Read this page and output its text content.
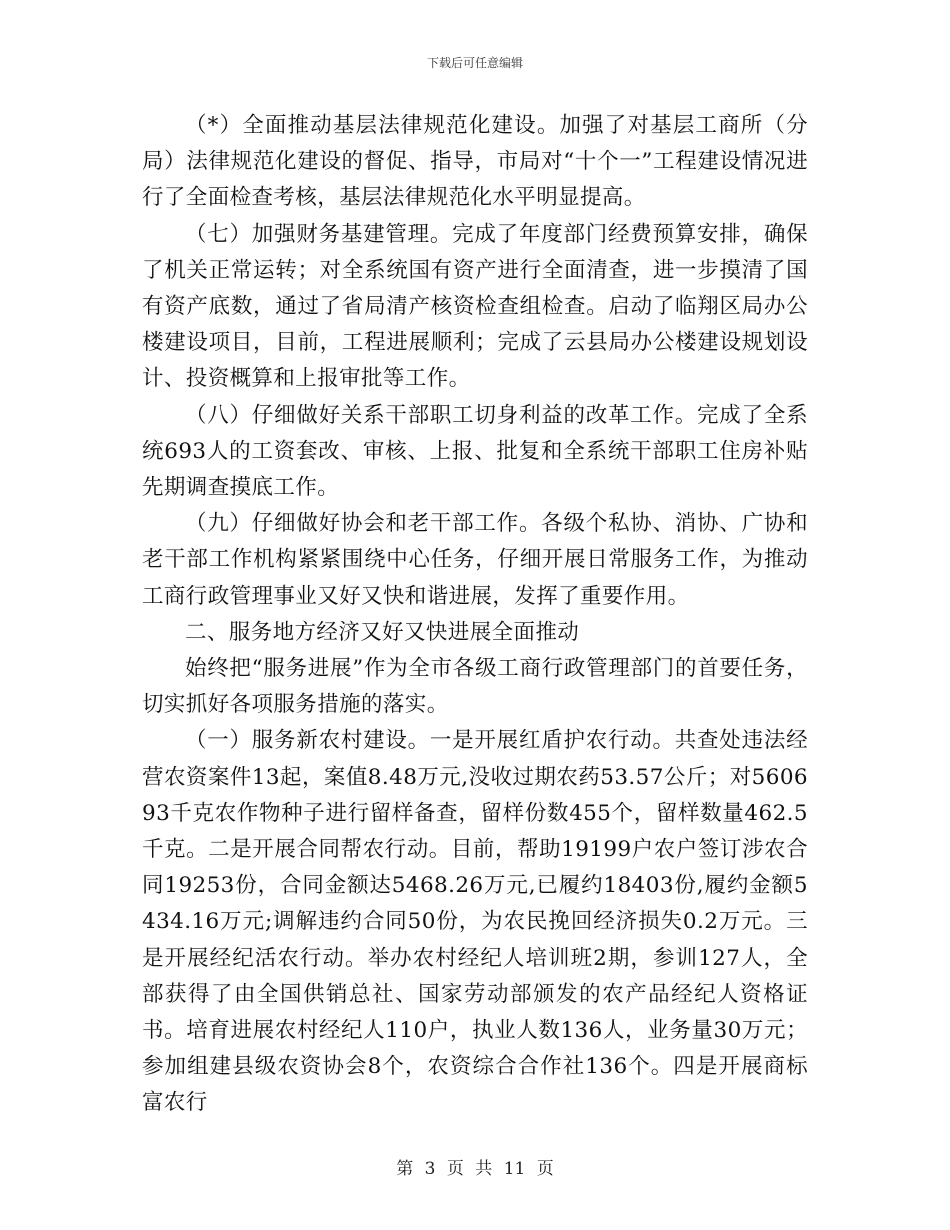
下载后可任意编辑

（*）全面推动基层法律规范化建设。加强了对基层工商所（分局）法律规范化建设的督促、指导，市局对“十个一”工程建设情况进行了全面检查考核，基层法律规范化水平明显提高。

（七）加强财务基建管理。完成了年度部门经费预算安排，确保了机关正常运转；对全系统国有资产进行全面清查，进一步摸清了国有资产底数，通过了省局清产核资检查组检查。启动了临翔区局办公楼建设项目，目前，工程进展顺利；完成了云县局办公楼建设规划设计、投资概算和上报审批等工作。

（八）仔细做好关系干部职工切身利益的改革工作。完成了全系统693人的工资套改、审核、上报、批复和全系统干部职工住房补贴先期调查摸底工作。

（九）仔细做好协会和老干部工作。各级个私协、消协、广协和老干部工作机构紧紧围绕中心任务，仔细开展日常服务工作，为推动工商行政管理事业又好又快和谐进展，发挥了重要作用。

二、服务地方经济又好又快进展全面推动

始终把“服务进展”作为全市各级工商行政管理部门的首要任务，切实抓好各项服务措施的落实。

（一）服务新农村建设。一是开展红盾护农行动。共查处违法经营农资案件13起，案值8.48万元,没收过期农药53.57公斤；对560693千克农作物种子进行留样备查，留样份数455个，留样数量462.5千克。二是开展合同帮农行动。目前，帮助19199户农户签订涉农合同19253份，合同金额达5468.26万元,已履约18403份,履约金额5434.16万元;调解违约合同50份，为农民挽回经济损失0.2万元。三是开展经纪活农行动。举办农村经纪人培训班2期，参训127人，全部获得了由全国供销总社、国家劳动部颁发的农产品经纪人资格证书。培育进展农村经纪人110户，执业人数136人，业务量30万元；参加组建县级农资协会8个，农资综合合作社136个。四是开展商标富农行

第 3 页 共 11 页
